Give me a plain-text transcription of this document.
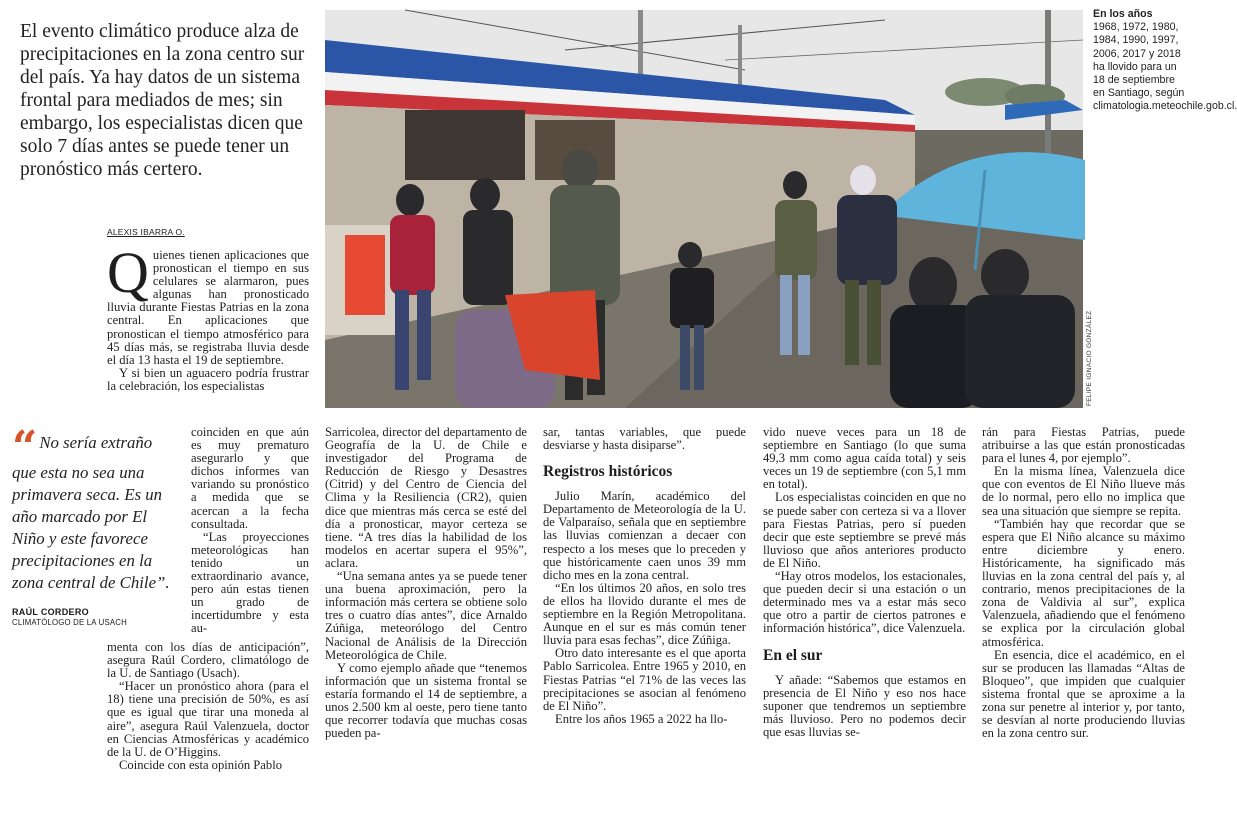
El evento climático produce alza de precipitaciones en la zona centro sur del país. Ya hay datos de un sistema frontal para mediados de mes; sin embargo, los especialistas dicen que solo 7 días antes se puede tener un pronóstico más certero.
ALEXIS IBARRA O.

Quienes tienen aplicaciones que pronostican el tiempo en sus celulares se alarmaron, pues algunas han pronosticado lluvia durante Fiestas Patrias en la zona central. En aplicaciones que pronostican el tiempo atmosférico para 45 días más, se registraba lluvia desde el día 13 hasta el 19 de septiembre.

Y si bien un aguacero podría frustrar la celebración, los especialistas

coinciden en que aún es muy prematuro asegurarlo y que dichos informes van variando su pronóstico a medida que se acercan a la fecha consultada.

“Las proyecciones meteorológicas han tenido un extraordinario avance, pero aún estas tienen un grado de incertidumbre y esta au-

menta con los días de anticipación”, asegura Raúl Cordero, climatólogo de la U. de Santiago (Usach).

“Hacer un pronóstico ahora (para el 18) tiene una precisión de 50%, es así que es igual que tirar una moneda al aire”, asegura Raúl Valenzuela, doctor en Ciencias Atmosféricas y académico de la U. de O’Higgins.

Coincide con esta opinión Pablo

“ No sería extraño que esta no sea una primavera seca. Es un año marcado por El Niño y este favorece precipitaciones en la zona central de Chile”.
RAÚL CORDERO
CLIMATÓLOGO DE LA USACH
FELIPE IGNACIO GONZÁLEZ
En los años
1968, 1972, 1980, 1984, 1990, 1997, 2006, 2017 y 2018 ha llovido para un 18 de septiembre en Santiago, según climatologia.meteochile.gob.cl.

Sarricolea, director del departamento de Geografía de la U. de Chile e investigador del Programa de Reducción de Riesgo y Desastres (Citrid) y del Centro de Ciencia del Clima y la Resiliencia (CR2), quien dice que mientras más cerca se esté del día a pronosticar, mayor certeza se tiene. “A tres días la habilidad de los modelos en acertar supera el 95%”, aclara.

“Una semana antes ya se puede tener una buena aproximación, pero la información más certera se obtiene solo tres o cuatro días antes”, dice Arnaldo Zúñiga, meteorólogo del Centro Nacional de Análisis de la Dirección Meteorológica de Chile.

Y como ejemplo añade que “tenemos información que un sistema frontal se estaría formando el 14 de septiembre, a unos 2.500 km al oeste, pero tiene tanto que recorrer todavía que muchas cosas pueden pa-

sar, tantas variables, que puede desviarse y hasta disiparse”.

Registros históricos

Julio Marín, académico del Departamento de Meteorología de la U. de Valparaíso, señala que en septiembre las lluvias comienzan a decaer con respecto a los meses que lo preceden y que históricamente caen unos 39 mm dicho mes en la zona central.

“En los últimos 20 años, en solo tres de ellos ha llovido durante el mes de septiembre en la Región Metropolitana. Aunque en el sur es más común tener lluvia para esas fechas”, dice Zúñiga.

Otro dato interesante es el que aporta Pablo Sarricolea. Entre 1965 y 2010, en Fiestas Patrias “el 71% de las veces las precipitaciones se asocian al fenómeno de El Niño”.

Entre los años 1965 a 2022 ha llo-

vido nueve veces para un 18 de septiembre en Santiago (lo que suma 49,3 mm como agua caída total) y seis veces un 19 de septiembre (con 5,1 mm en total).

Los especialistas coinciden en que no se puede saber con certeza si va a llover para Fiestas Patrias, pero sí pueden decir que este septiembre se prevé más lluvioso que años anteriores producto de El Niño.

“Hay otros modelos, los estacionales, que pueden decir si una estación o un determinado mes va a estar más seco que otro a partir de ciertos patrones e información histórica”, dice Valenzuela.

En el sur

Y añade: “Sabemos que estamos en presencia de El Niño y eso nos hace suponer que tendremos un septiembre más lluvioso. Pero no podemos decir que esas lluvias se-

rán para Fiestas Patrias, puede atribuirse a las que están pronosticadas para el lunes 4, por ejemplo”.

En la misma línea, Valenzuela dice que con eventos de El Niño llueve más de lo normal, pero ello no implica que sea una situación que siempre se repita.

“También hay que recordar que se espera que El Niño alcance su máximo entre diciembre y enero. Históricamente, ha significado más lluvias en la zona central del país y, al contrario, menos precipitaciones de la zona de Valdivia al sur”, explica Valenzuela, añadiendo que el fenómeno se explica por la circulación global atmosférica.

En esencia, dice el académico, en el sur se producen las llamadas “Altas de Bloqueo”, que impiden que cualquier sistema frontal que se aproxime a la zona sur penetre al interior y, por tanto, se desvían al norte produciendo lluvias en la zona centro sur.
